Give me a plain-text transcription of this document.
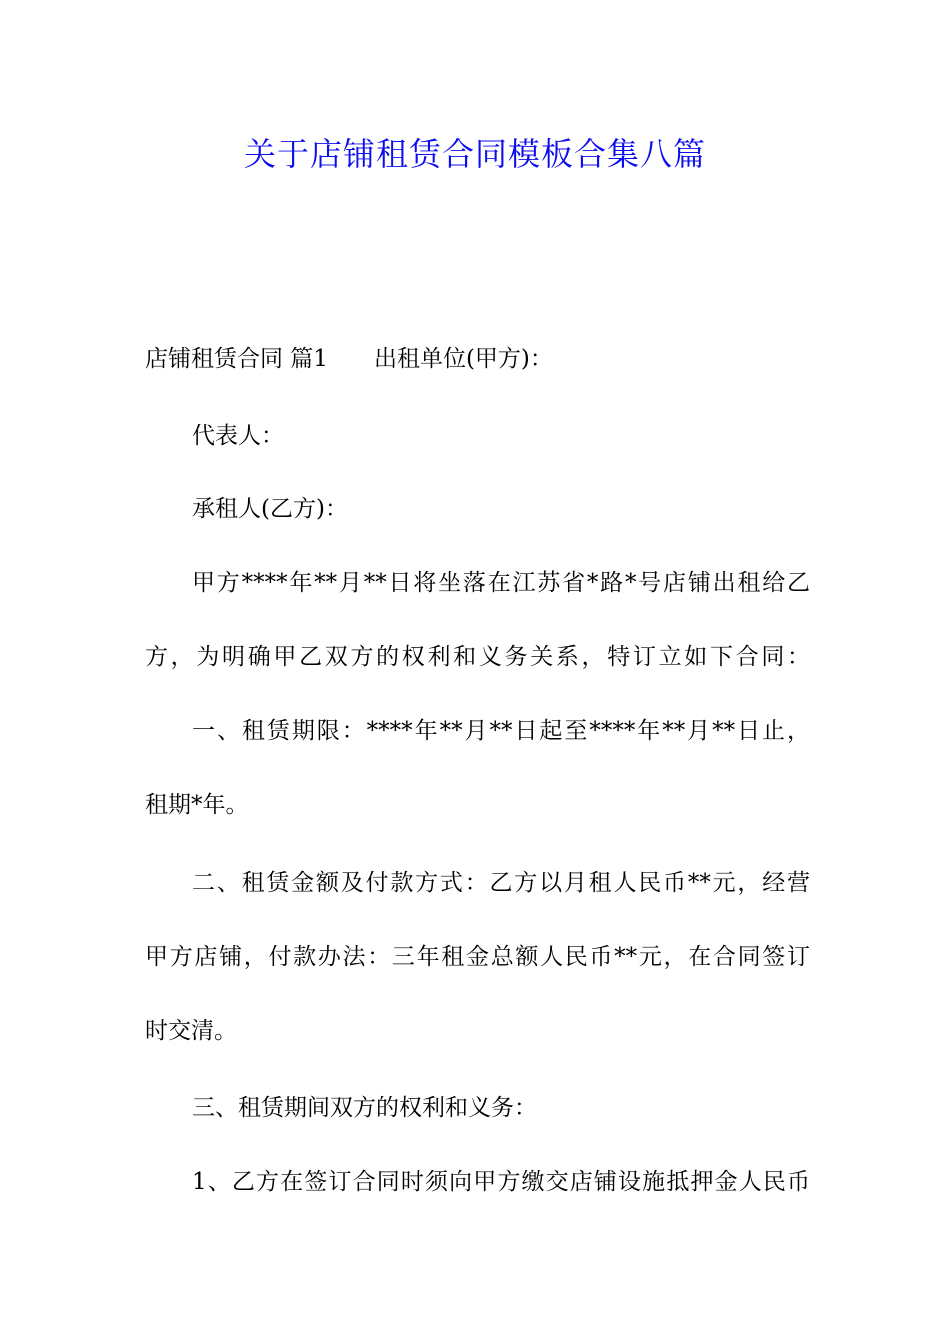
关于店铺租赁合同模板合集八篇
店铺租赁合同 篇1 出租单位(甲方)：
代表人：
承租人(乙方)：
甲方****年**月**日将坐落在江苏省*路*号店铺出租给乙
方，为明确甲乙双方的权利和义务关系，特订立如下合同：
一、租赁期限：****年**月**日起至****年**月**日止，
租期*年。
二、租赁金额及付款方式：乙方以月租人民币**元，经营
甲方店铺，付款办法：三年租金总额人民币**元，在合同签订
时交清。
三、租赁期间双方的权利和义务：
1、乙方在签订合同时须向甲方缴交店铺设施抵押金人民币
